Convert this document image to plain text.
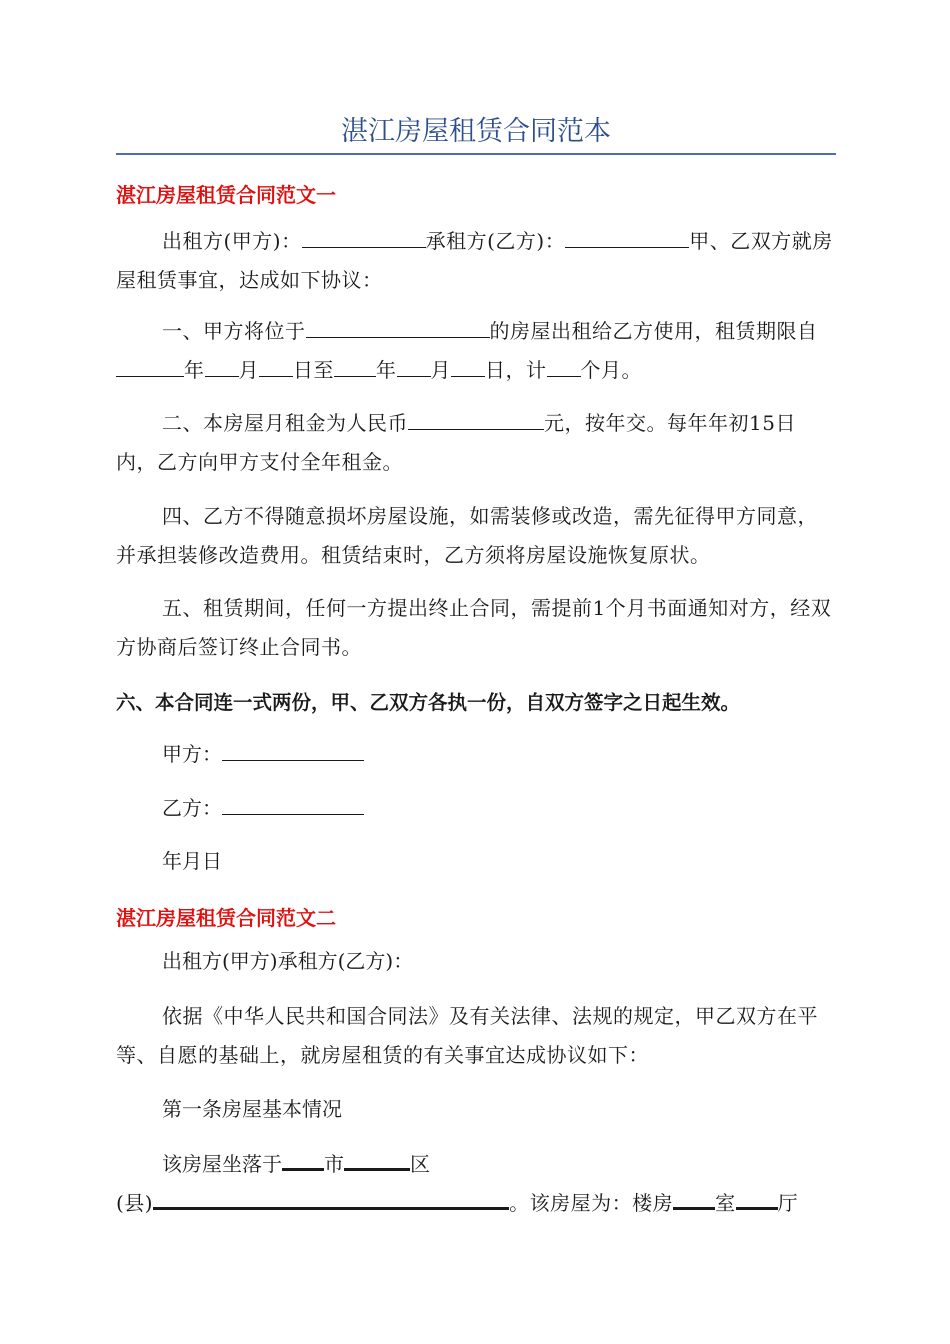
湛江房屋租赁合同范本
湛江房屋租赁合同范文一
出租方(甲方)：	承租方(乙方)：	甲、乙双方就房屋租赁事宜，达成如下协议：
一、甲方将位于	的房屋出租给乙方使用，租赁期限自年 月 日至 年 月 日，计 个月。
二、本房屋月租金为人民币	元，按年交。每年年初15日内，乙方向甲方支付全年租金。
四、乙方不得随意损坏房屋设施，如需装修或改造，需先征得甲方同意，并承担装修改造费用。租赁结束时，乙方须将房屋设施恢复原状。
五、租赁期间，任何一方提出终止合同，需提前1个月书面通知对方，经双方协商后签订终止合同书。
六、本合同连一式两份，甲、乙双方各执一份，自双方签字之日起生效。
甲方：
乙方：
年月日
湛江房屋租赁合同范文二
出租方(甲方)承租方(乙方)：
依据《中华人民共和国合同法》及有关法律、法规的规定，甲乙双方在平等、自愿的基础上，就房屋租赁的有关事宜达成协议如下：
第一条房屋基本情况
该房屋坐落于 市	区
(县)	。该房屋为：楼房 室 厅
